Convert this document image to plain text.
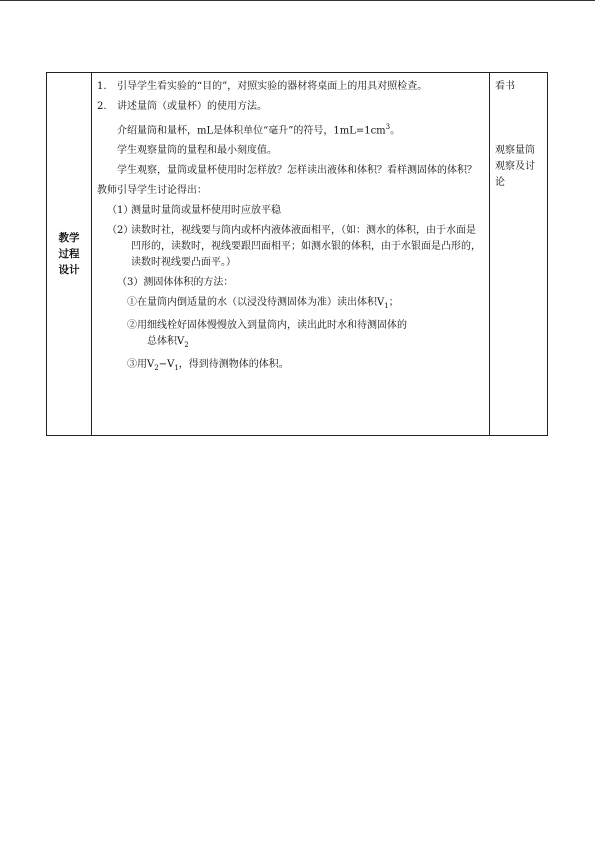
教学
过程
设计

1.	引导学生看实验的“目的”，对照实验的器材将桌面上的用具对照检查。
2.	讲述量筒（或量杯）的使用方法。
介绍量筒和量杯，mL是体积单位“毫升”的符号，$1mL=1cm^3$。
学生观察量筒的量程和最小刻度值。
学生观察，量筒或量杯使用时怎样放？怎样读出液体和体积？看样测固体的体积？
教师引导学生讨论得出：
（1）
测量时量筒或量杯使用时应放平稳
（2）
读数时社，视线要与筒内或杯内液体液面相平，（如：测水的体积，由于水面是凹形的，读数时，视线要跟凹面相平；如测水银的体积，由于水银面是凸形的，读数时视线要凸面平。）
（3）测固体体积的方法：
①在量筒内倒适量的水（以浸没待测固体为准）读出体积$V_1$；
②用细线栓好固体慢慢放入到量筒内，读出此时水和待测固体的
总体积$V_2$
③用$V_2-V_1$，得到待测物体的体积。

看书
观察量筒
观察及讨论
